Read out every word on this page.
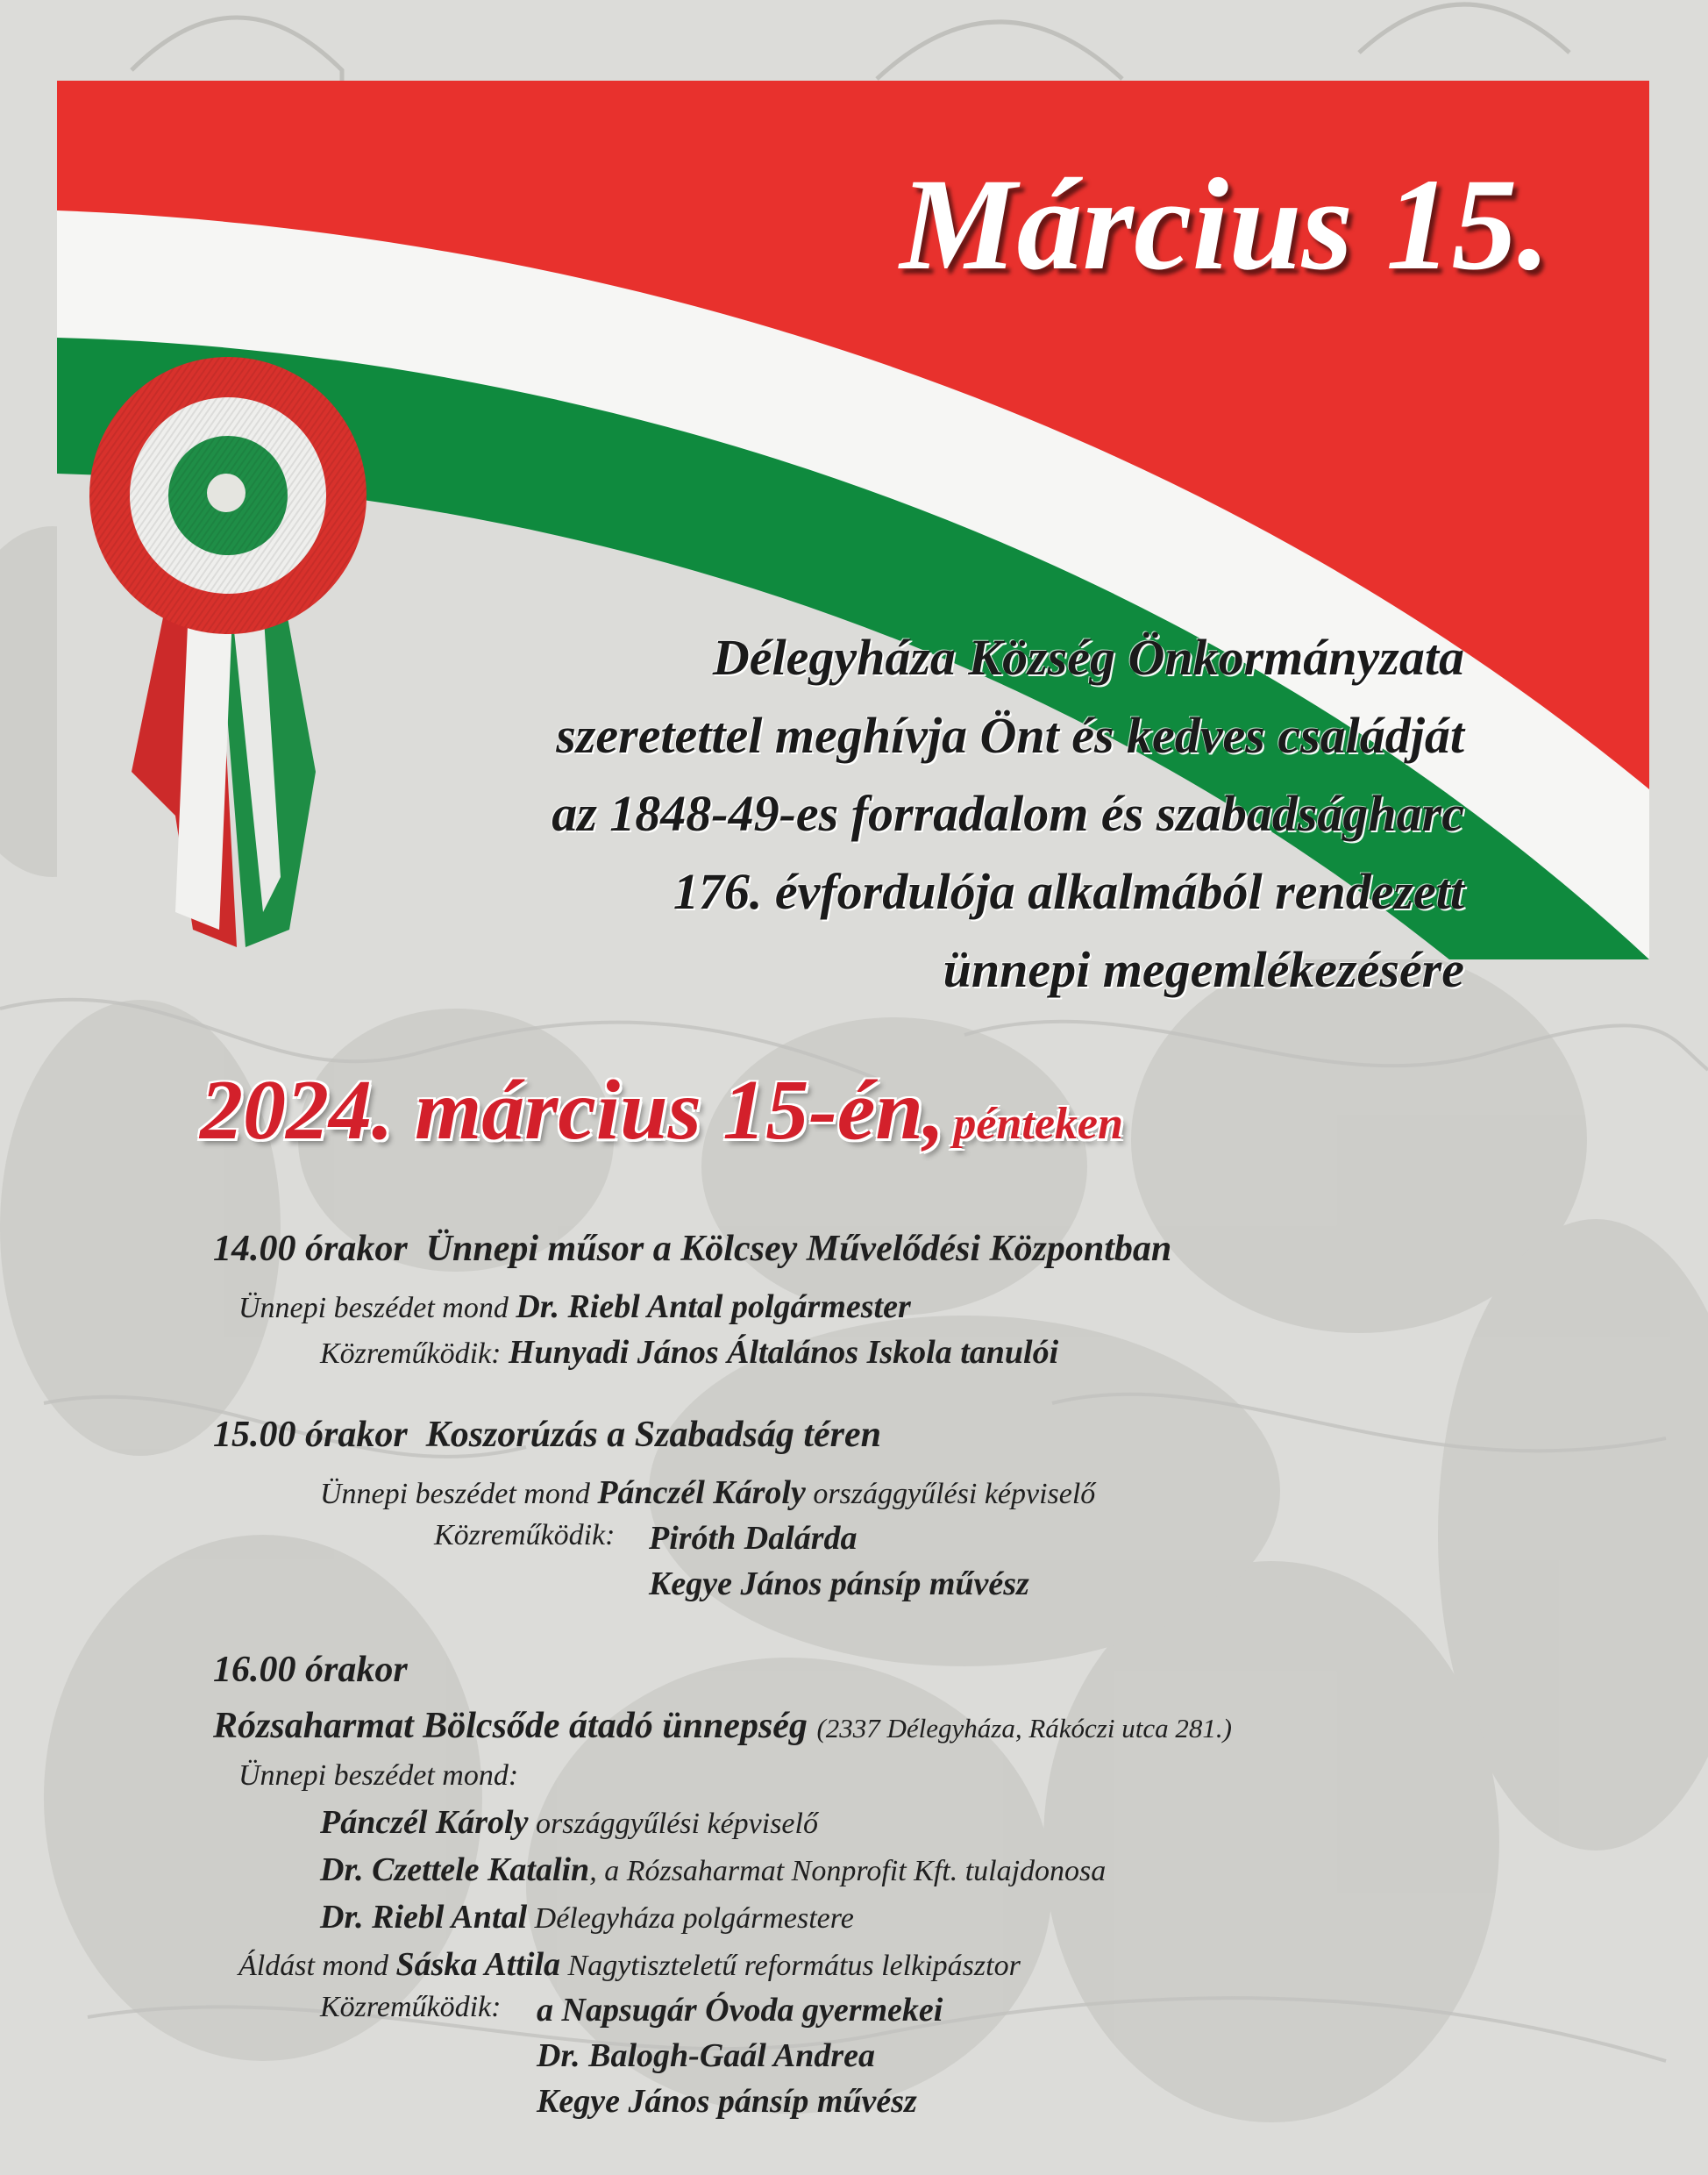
Március 15.
Délegyháza Község Önkormányzata
szeretettel meghívja Önt és kedves családját
az 1848-49-es forradalom és szabadságharc
176. évfordulója alkalmából rendezett
ünnepi megemlékezésére
2024. március 15-én, pénteken
14.00 órakor Ünnepi műsor a Kölcsey Művelődési Központban
Ünnepi beszédet mond Dr. Riebl Antal polgármester
Közreműködik: Hunyadi János Általános Iskola tanulói
15.00 órakor Koszorúzás a Szabadság téren
Ünnepi beszédet mond Pánczél Károly országgyűlési képviselő
Közreműködik: Piróth Dalárda
Kegye János pánsíp művész
16.00 órakor
Rózsaharmat Bölcsőde átadó ünnepség (2337 Délegyháza, Rákóczi utca 281.)
Ünnepi beszédet mond:
Pánczél Károly országgyűlési képviselő
Dr. Czettele Katalin, a Rózsaharmat Nonprofit Kft. tulajdonosa
Dr. Riebl Antal Délegyháza polgármestere
Áldást mond Sáska Attila Nagytiszteletű református lelkipásztor
Közreműködik: a Napsugár Óvoda gyermekei
Dr. Balogh-Gaál Andrea
Kegye János pánsíp művész
